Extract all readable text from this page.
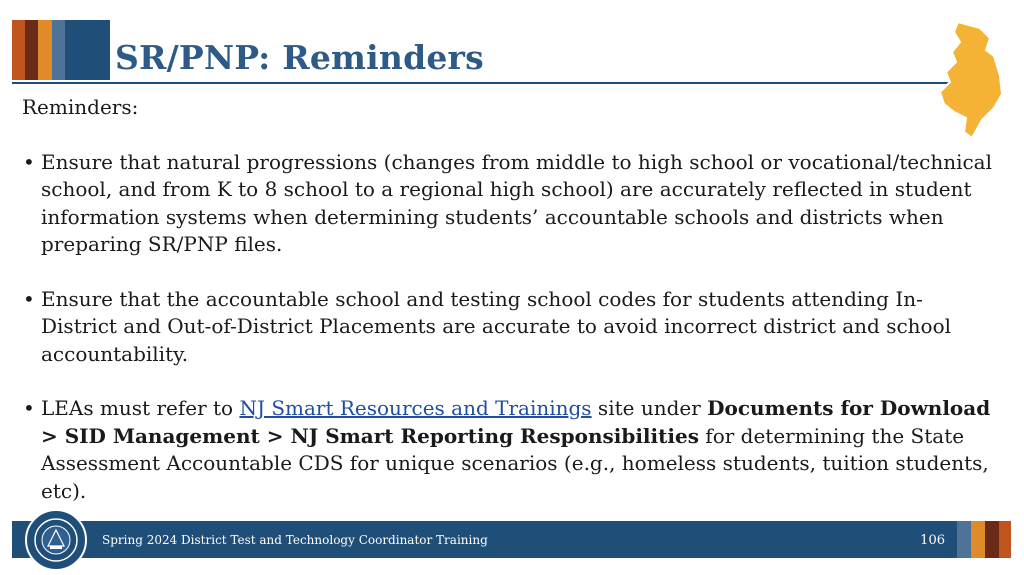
SR/PNP: Reminders

Reminders:

• Ensure that natural progressions (changes from middle to high school or vocational/technical school, and from K to 8 school to a regional high school) are accurately reflected in student information systems when determining students’ accountable schools and districts when preparing SR/PNP files.
• Ensure that the accountable school and testing school codes for students attending In-District and Out-of-District Placements are accurate to avoid incorrect district and school accountability.
• LEAs must refer to NJ Smart Resources and Trainings site under Documents for Download > SID Management > NJ Smart Reporting Responsibilities for determining the State Assessment Accountable CDS for unique scenarios (e.g., homeless students, tuition students, etc).
Spring 2024 District Test and Technology Coordinator Training	106
